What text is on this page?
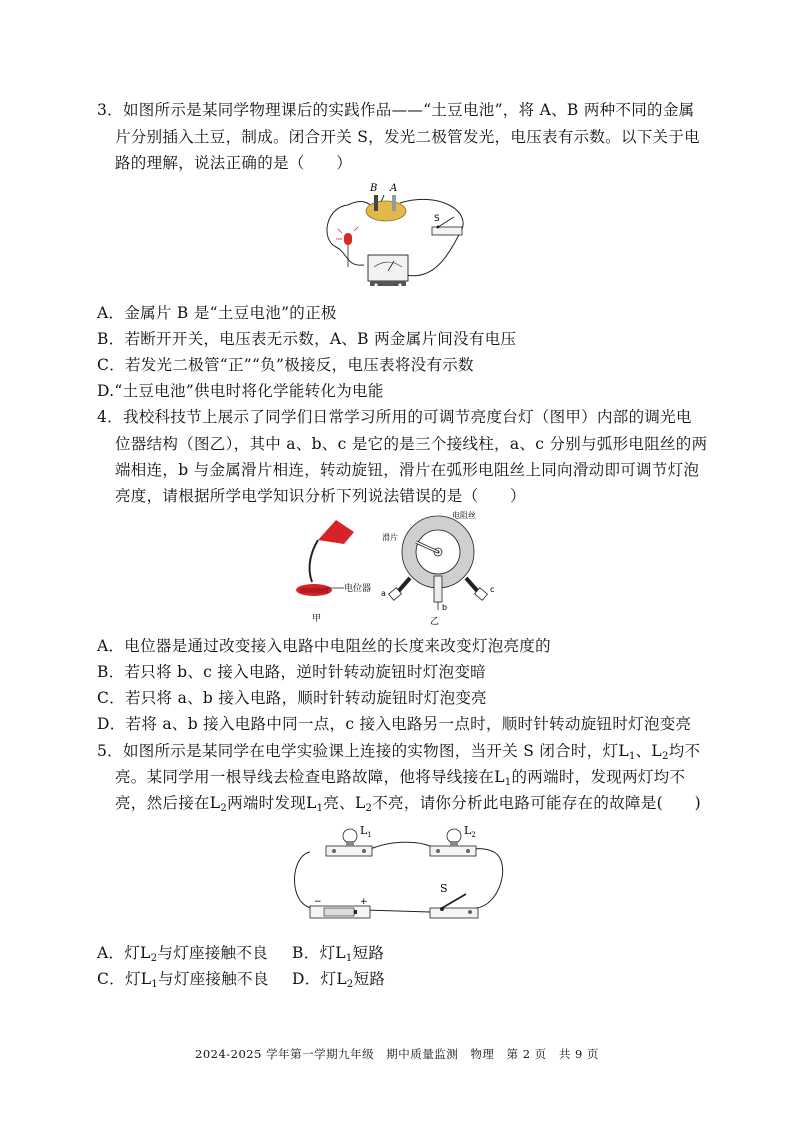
3．如图所示是某同学物理课后的实践作品——“土豆电池”，将 A、B 两种不同的金属
片分别插入土豆，制成。闭合开关 S，发光二极管发光，电压表有示数。以下关于电
路的理解，说法正确的是（　　）
B A
S
A．金属片 B 是“土豆电池”的正极
B．若断开开关，电压表无示数，A、B 两金属片间没有电压
C．若发光二极管“正”“负”极接反，电压表将没有示数
D.“土豆电池”供电时将化学能转化为电能
4．我校科技节上展示了同学们日常学习所用的可调节亮度台灯（图甲）内部的调光电
位器结构（图乙），其中 a、b、c 是它的是三个接线柱，a、c 分别与弧形电阻丝的两
端相连，b 与金属滑片相连，转动旋钮，滑片在弧形电阻丝上同向滑动即可调节灯泡
亮度，请根据所学电学知识分析下列说法错误的是（　　）
电位器
甲
滑片
电阻丝
a
b
c
乙
A．电位器是通过改变接入电路中电阻丝的长度来改变灯泡亮度的
B．若只将 b、c 接入电路，逆时针转动旋钮时灯泡变暗
C．若只将 a、b 接入电路，顺时针转动旋钮时灯泡变亮
D．若将 a、b 接入电路中同一点，c 接入电路另一点时，顺时针转动旋钮时灯泡变亮
5．如图所示是某同学在电学实验课上连接的实物图，当开关 S 闭合时，灯$L_1$、$L_2$均不
亮。某同学用一根导线去检查电路故障，他将导线接在$L_1$的两端时，发现两灯均不
亮，然后接在$L_2$两端时发现$L_1$亮、$L_2$不亮，请你分析此电路可能存在的故障是(　　)
$L_1$	$L_2$
−	+
S
A．灯$L_2$与灯座接触不良 B．灯$L_1$短路
C．灯$L_1$与灯座接触不良 D．灯$L_2$短路
2024-2025 学年第一学期九年级 期中质量监测 物理 第 2 页 共 9 页
